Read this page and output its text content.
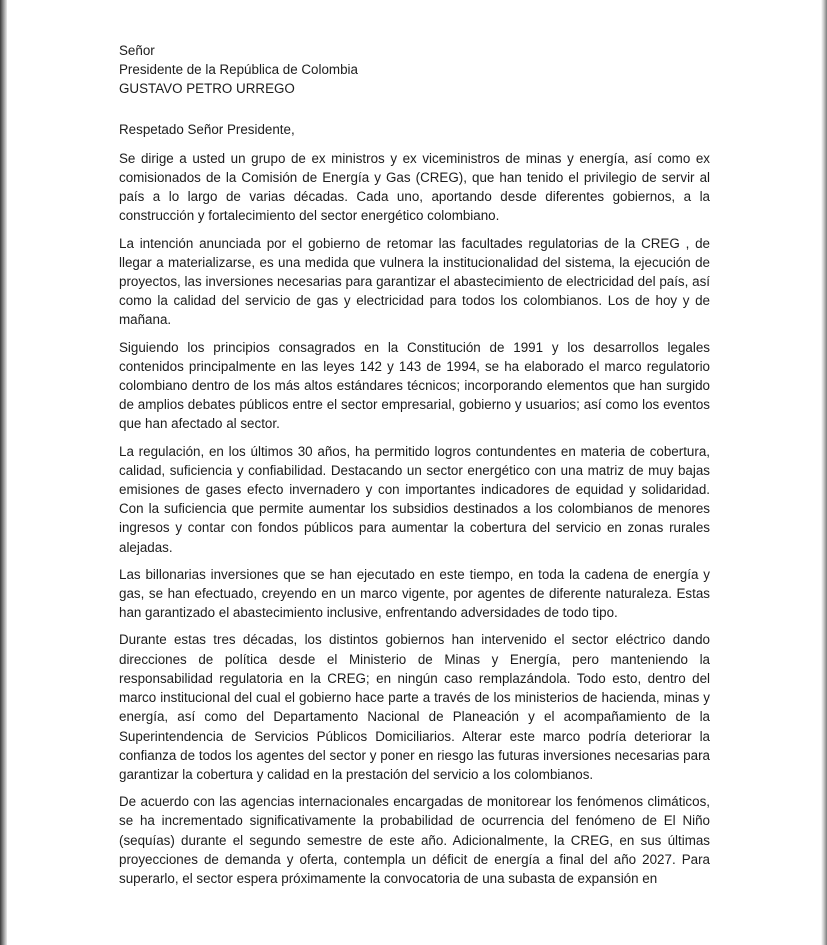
Señor

Presidente de la República de Colombia

GUSTAVO PETRO URREGO

Respetado Señor Presidente,

Se dirige a usted un grupo de ex ministros y ex viceministros de minas y energía, así como ex comisionados de la Comisión de Energía y Gas (CREG), que han tenido el privilegio de servir al país a lo largo de varias décadas. Cada uno, aportando desde diferentes gobiernos, a la construcción y fortalecimiento del sector energético colombiano.

La intención anunciada por el gobierno de retomar las facultades regulatorias de la CREG , de llegar a materializarse, es una medida que vulnera la institucionalidad del sistema, la ejecución de proyectos, las inversiones necesarias para garantizar el abastecimiento de electricidad del país, así como la calidad del servicio de gas y electricidad para todos los colombianos. Los de hoy y de mañana.

Siguiendo los principios consagrados en la Constitución de 1991 y los desarrollos legales contenidos principalmente en las leyes 142 y 143 de 1994, se ha elaborado el marco regulatorio colombiano dentro de los más altos estándares técnicos; incorporando elementos que han surgido de amplios debates públicos entre el sector empresarial, gobierno y usuarios; así como los eventos que han afectado al sector.

La regulación, en los últimos 30 años, ha permitido logros contundentes en materia de cobertura, calidad, suficiencia y confiabilidad. Destacando un sector energético con una matriz de muy bajas emisiones de gases efecto invernadero y con importantes indicadores de equidad y solidaridad. Con la suficiencia que permite aumentar los subsidios destinados a los colombianos de menores ingresos y contar con fondos públicos para aumentar la cobertura del servicio en zonas rurales alejadas.

Las billonarias inversiones que se han ejecutado en este tiempo, en toda la cadena de energía y gas, se han efectuado, creyendo en un marco vigente, por agentes de diferente naturaleza. Estas han garantizado el abastecimiento inclusive, enfrentando adversidades de todo tipo.

Durante estas tres décadas, los distintos gobiernos han intervenido el sector eléctrico dando direcciones de política desde el Ministerio de Minas y Energía, pero manteniendo la responsabilidad regulatoria en la CREG; en ningún caso remplazándola. Todo esto, dentro del marco institucional del cual el gobierno hace parte a través de los ministerios de hacienda, minas y energía, así como del Departamento Nacional de Planeación y el acompañamiento de la Superintendencia de Servicios Públicos Domiciliarios. Alterar este marco podría deteriorar la confianza de todos los agentes del sector y poner en riesgo las futuras inversiones necesarias para garantizar la cobertura y calidad en la prestación del servicio a los colombianos.

De acuerdo con las agencias internacionales encargadas de monitorear los fenómenos climáticos, se ha incrementado significativamente la probabilidad de ocurrencia del fenómeno de El Niño (sequías) durante el segundo semestre de este año. Adicionalmente, la CREG, en sus últimas proyecciones de demanda y oferta, contempla un déficit de energía a final del año 2027. Para superarlo, el sector espera próximamente la convocatoria de una subasta de expansión en
